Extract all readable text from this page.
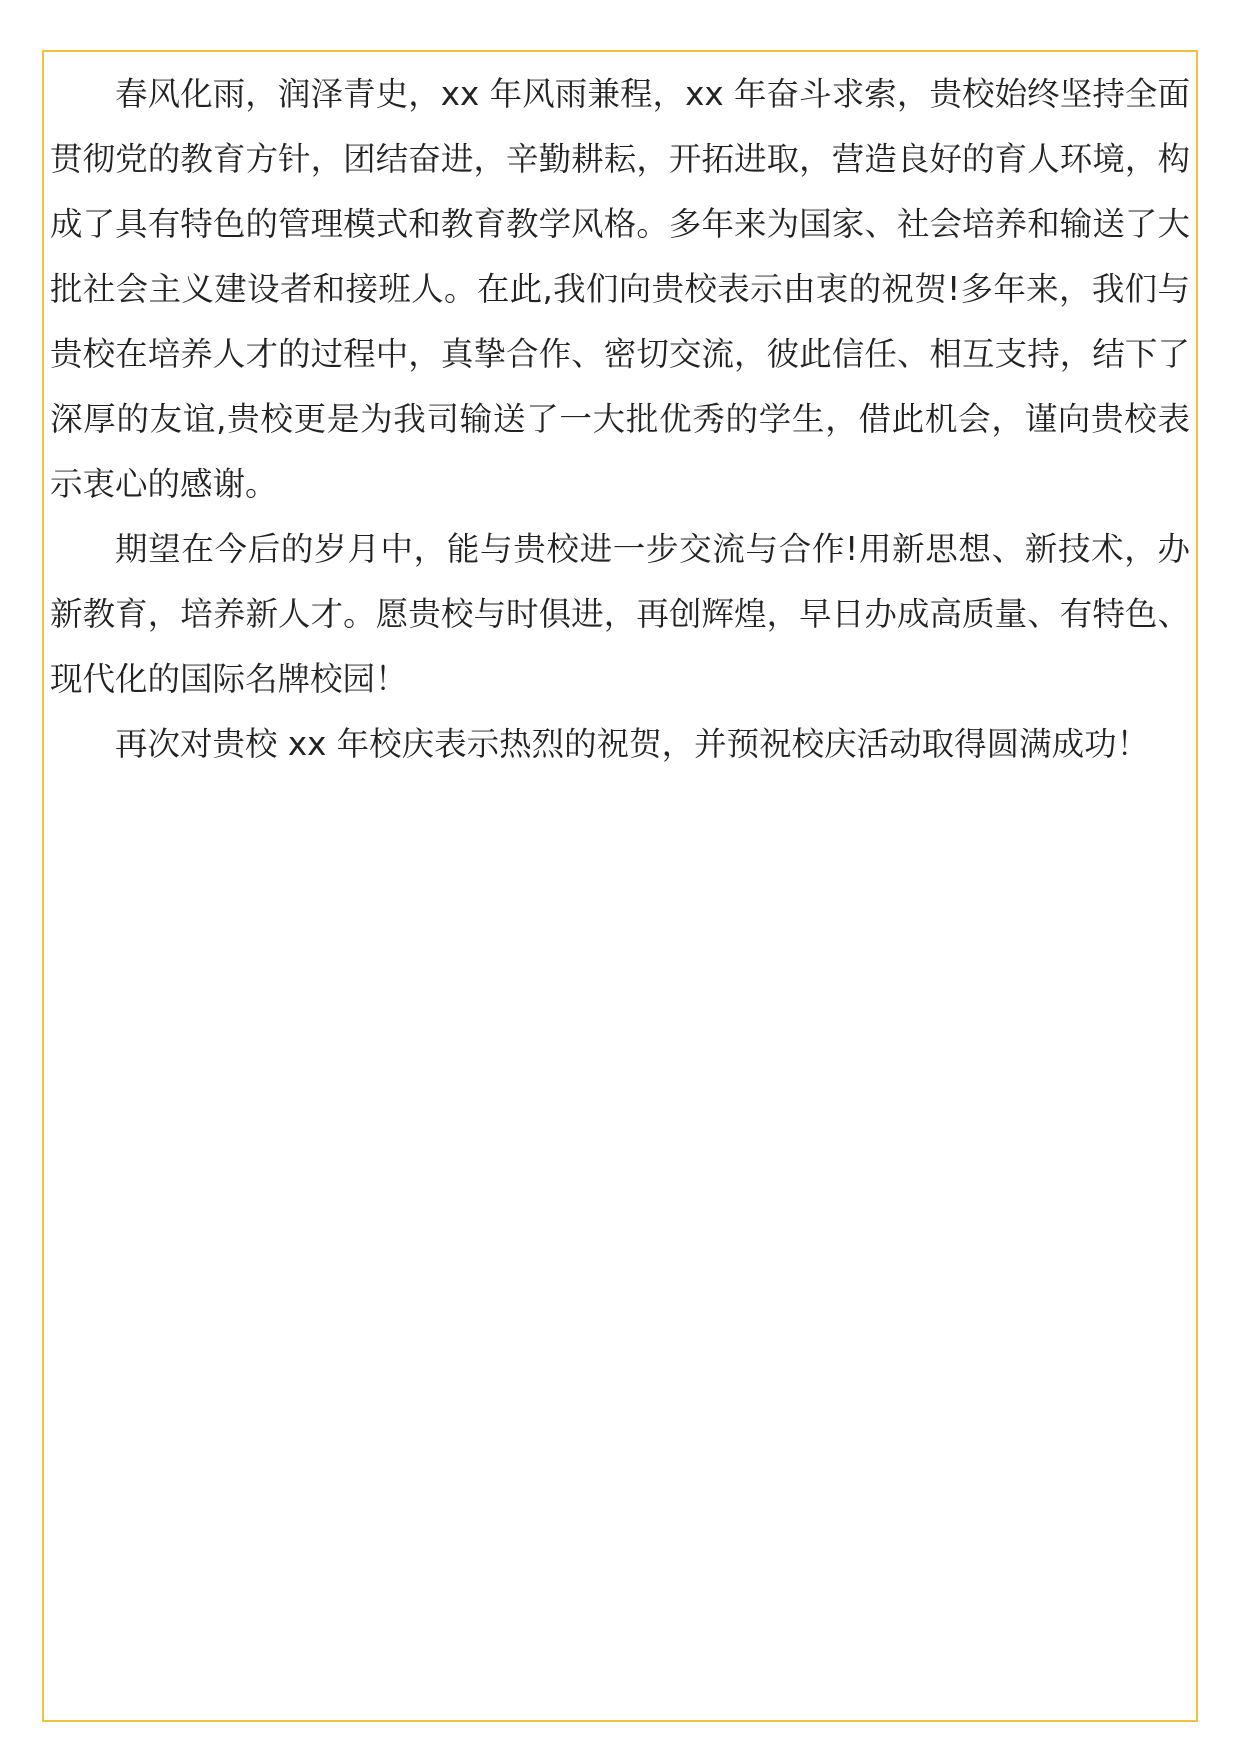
春风化雨，润泽青史，xx 年风雨兼程，xx 年奋斗求索，贵校始终坚持全面贯彻党的教育方针，团结奋进，辛勤耕耘，开拓进取，营造良好的育人环境，构成了具有特色的管理模式和教育教学风格。多年来为国家、社会培养和输送了大批社会主义建设者和接班人。在此,我们向贵校表示由衷的祝贺!多年来，我们与贵校在培养人才的过程中，真挚合作、密切交流，彼此信任、相互支持，结下了深厚的友谊,贵校更是为我司输送了一大批优秀的学生，借此机会，谨向贵校表示衷心的感谢。

期望在今后的岁月中，能与贵校进一步交流与合作!用新思想、新技术，办新教育，培养新人才。愿贵校与时俱进，再创辉煌，早日办成高质量、有特色、现代化的国际名牌校园！

再次对贵校 xx 年校庆表示热烈的祝贺，并预祝校庆活动取得圆满成功！
